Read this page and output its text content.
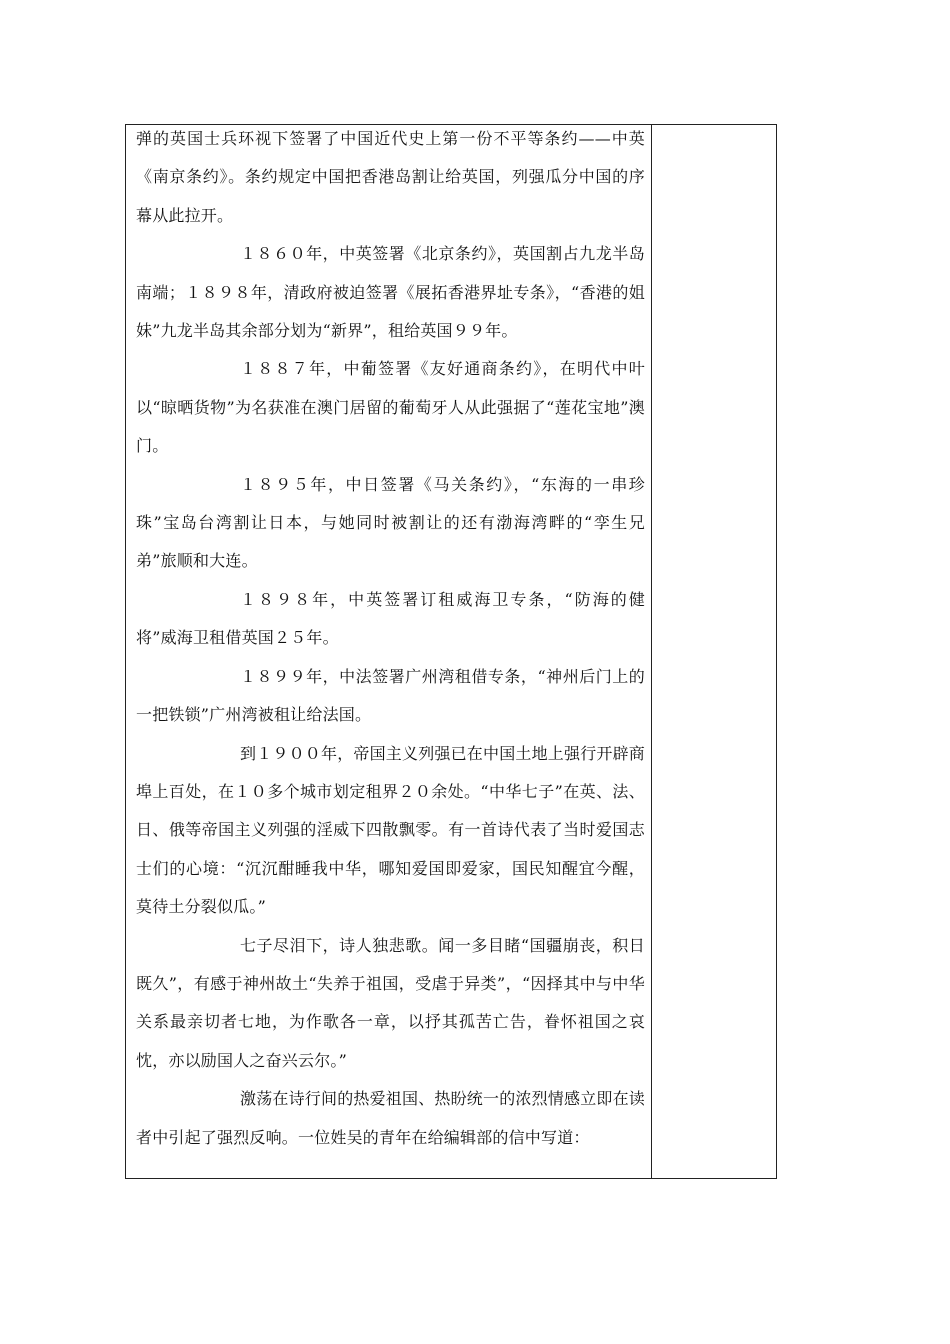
弹的英国士兵环视下签署了中国近代史上第一份不平等条约——中英《南京条约》。条约规定中国把香港岛割让给英国，列强瓜分中国的序幕从此拉开。

１８６０年，中英签署《北京条约》，英国割占九龙半岛南端；１８９８年，清政府被迫签署《展拓香港界址专条》，“香港的姐妹”九龙半岛其余部分划为“新界”，租给英国９９年。

１８８７年，中葡签署《友好通商条约》，在明代中叶以“晾晒货物”为名获准在澳门居留的葡萄牙人从此强据了“莲花宝地”澳门。

１８９５年，中日签署《马关条约》，“东海的一串珍珠”宝岛台湾割让日本，与她同时被割让的还有渤海湾畔的“孪生兄弟”旅顺和大连。

１８９８年，中英签署订租威海卫专条，“防海的健将”威海卫租借英国２５年。

１８９９年，中法签署广州湾租借专条，“神州后门上的一把铁锁”广州湾被租让给法国。

到１９００年，帝国主义列强已在中国土地上强行开辟商埠上百处，在１０多个城市划定租界２０余处。“中华七子”在英、法、日、俄等帝国主义列强的淫威下四散飘零。有一首诗代表了当时爱国志士们的心境：“沉沉酣睡我中华，哪知爱国即爱家，国民知醒宜今醒，莫待土分裂似瓜。”

七子尽泪下，诗人独悲歌。闻一多目睹“国疆崩丧，积日既久”，有感于神州故土“失养于祖国，受虐于异类”，“因择其中与中华关系最亲切者七地，为作歌各一章，以抒其孤苦亡告，眷怀祖国之哀忱，亦以励国人之奋兴云尔。”

激荡在诗行间的热爱祖国、热盼统一的浓烈情感立即在读者中引起了强烈反响。一位姓吴的青年在给编辑部的信中写道：
